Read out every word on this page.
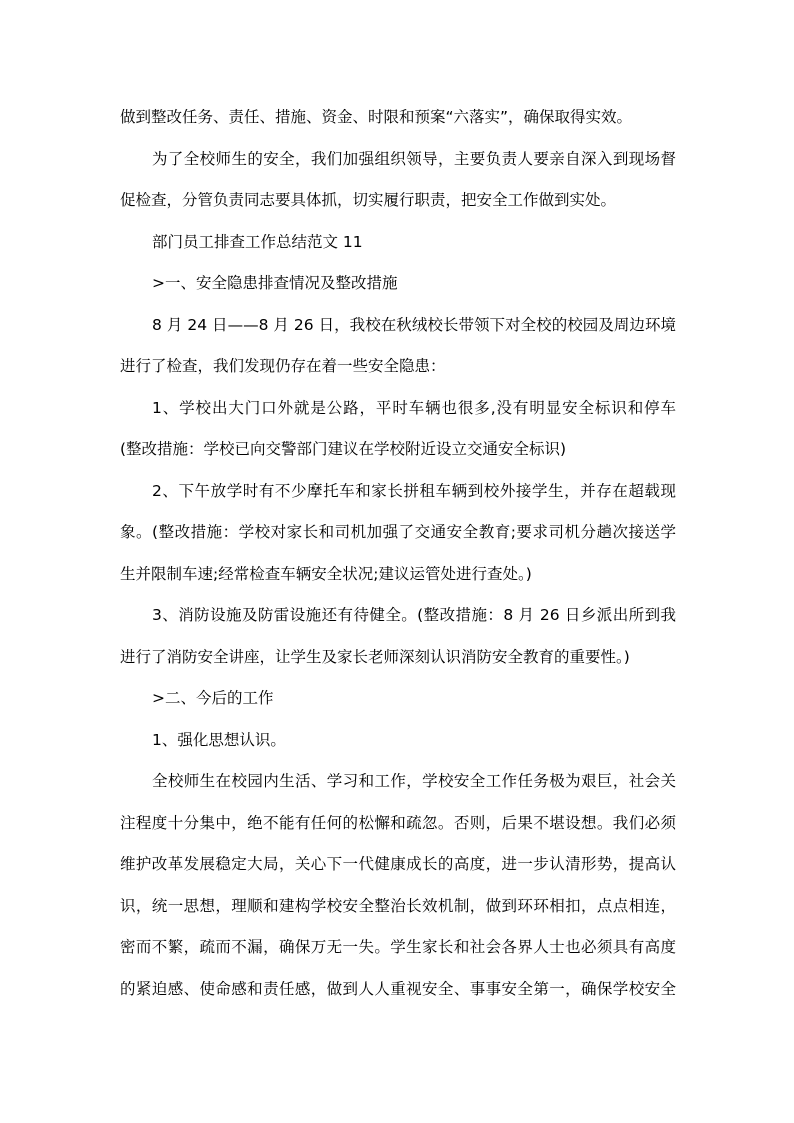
做到整改任务、责任、措施、资金、时限和预案“六落实”，确保取得实效。
为了全校师生的安全，我们加强组织领导，主要负责人要亲自深入到现场督
促检查，分管负责同志要具体抓，切实履行职责，把安全工作做到实处。
部门员工排查工作总结范文 11
>一、安全隐患排查情况及整改措施
8 月 24 日——8 月 26 日，我校在秋绒校长带领下对全校的校园及周边环境
进行了检查，我们发现仍存在着一些安全隐患：
1、学校出大门口外就是公路，平时车辆也很多,没有明显安全标识和停车
(整改措施：学校已向交警部门建议在学校附近设立交通安全标识)
2、下午放学时有不少摩托车和家长拼租车辆到校外接学生，并存在超载现
象。(整改措施：学校对家长和司机加强了交通安全教育;要求司机分趟次接送学
生并限制车速;经常检查车辆安全状况;建议运管处进行查处。)
3、消防设施及防雷设施还有待健全。(整改措施：8 月 26 日乡派出所到我
进行了消防安全讲座，让学生及家长老师深刻认识消防安全教育的重要性。)
>二、今后的工作
1、强化思想认识。
全校师生在校园内生活、学习和工作，学校安全工作任务极为艰巨，社会关
注程度十分集中，绝不能有任何的松懈和疏忽。否则，后果不堪设想。我们必须
维护改革发展稳定大局，关心下一代健康成长的高度，进一步认清形势，提高认
识，统一思想，理顺和建构学校安全整治长效机制，做到环环相扣，点点相连，
密而不繁，疏而不漏，确保万无一失。学生家长和社会各界人士也必须具有高度
的紧迫感、使命感和责任感，做到人人重视安全、事事安全第一，确保学校安全
